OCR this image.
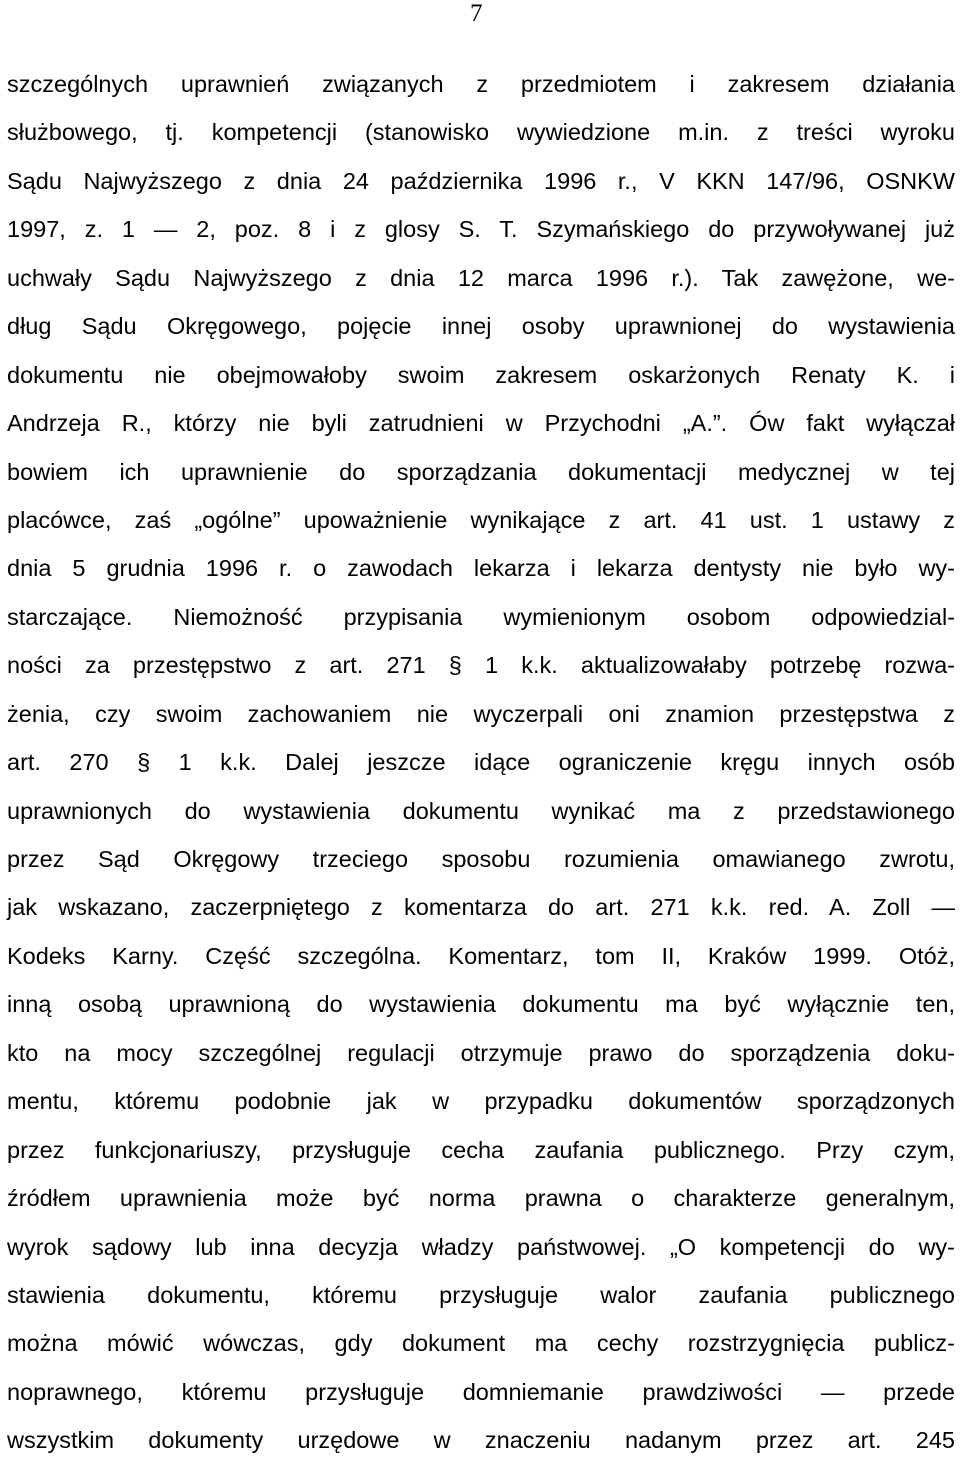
7
szczególnych uprawnień związanych z przedmiotem i zakresem działania
służbowego, tj. kompetencji (stanowisko wywiedzione m.in. z treści wyroku
Sądu Najwyższego z dnia 24 października 1996 r., V KKN 147/96, OSNKW
1997, z. 1 — 2, poz. 8 i z glosy S. T. Szymańskiego do przywoływanej już
uchwały Sądu Najwyższego z dnia 12 marca 1996 r.). Tak zawężone, we-
dług Sądu Okręgowego, pojęcie innej osoby uprawnionej do wystawienia
dokumentu nie obejmowałoby swoim zakresem oskarżonych Renaty K. i
Andrzeja R., którzy nie byli zatrudnieni w Przychodni „A.”. Ów fakt wyłączał
bowiem ich uprawnienie do sporządzania dokumentacji medycznej w tej
placówce, zaś „ogólne” upoważnienie wynikające z art. 41 ust. 1 ustawy z
dnia 5 grudnia 1996 r. o zawodach lekarza i lekarza dentysty nie było wy-
starczające. Niemożność przypisania wymienionym osobom odpowiedzial-
ności za przestępstwo z art. 271 § 1 k.k. aktualizowałaby potrzebę rozwa-
żenia, czy swoim zachowaniem nie wyczerpali oni znamion przestępstwa z
art. 270 § 1 k.k. Dalej jeszcze idące ograniczenie kręgu innych osób
uprawnionych do wystawienia dokumentu wynikać ma z przedstawionego
przez Sąd Okręgowy trzeciego sposobu rozumienia omawianego zwrotu,
jak wskazano, zaczerpniętego z komentarza do art. 271 k.k. red. A. Zoll —
Kodeks Karny. Część szczególna. Komentarz, tom II, Kraków 1999. Otóż,
inną osobą uprawnioną do wystawienia dokumentu ma być wyłącznie ten,
kto na mocy szczególnej regulacji otrzymuje prawo do sporządzenia doku-
mentu, któremu podobnie jak w przypadku dokumentów sporządzonych
przez funkcjonariuszy, przysługuje cecha zaufania publicznego. Przy czym,
źródłem uprawnienia może być norma prawna o charakterze generalnym,
wyrok sądowy lub inna decyzja władzy państwowej. „O kompetencji do wy-
stawienia dokumentu, któremu przysługuje walor zaufania publicznego
można mówić wówczas, gdy dokument ma cechy rozstrzygnięcia publicz-
noprawnego, któremu przysługuje domniemanie prawdziwości — przede
wszystkim dokumenty urzędowe w znaczeniu nadanym przez art. 245
